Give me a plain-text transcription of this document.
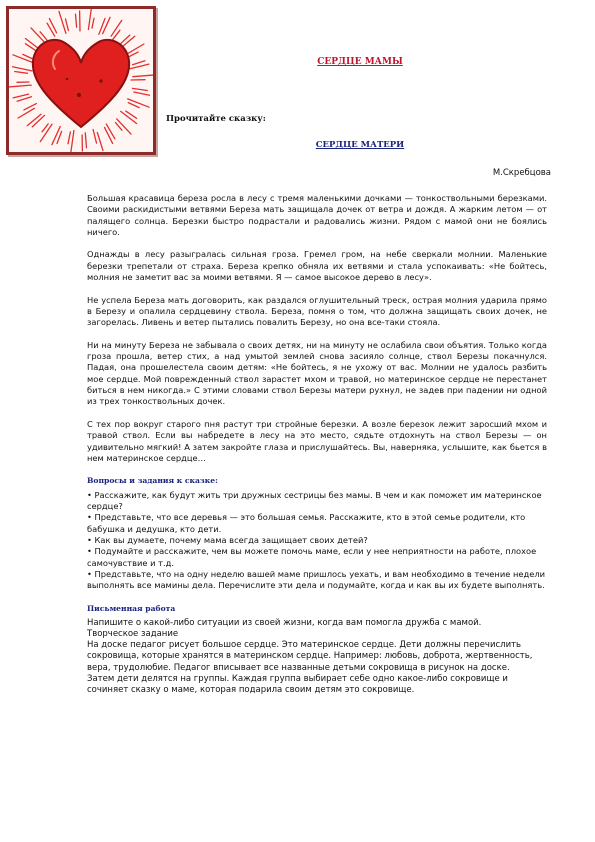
СЕРДЦЕ МАМЫ
Прочитайте сказку:
СЕРДЦЕ МАТЕРИ
М.Скребцова

Большая красавица береза росла в лесу с тремя маленькими дочками — тонкоствольными березками. Своими раскидистыми ветвями Береза мать защищала дочек от ветра и дождя. А жарким летом — от палящего солнца. Березки быстро подрастали и радовались жизни. Рядом с мамой они не боялись ничего.

Однажды в лесу разыгралась сильная гроза. Гремел гром, на небе сверкали молнии. Маленькие березки трепетали от страха. Береза крепко обняла их ветвями и стала успокаивать: «Не бойтесь, молния не заметит вас за моими ветвями. Я — самое высокое дерево в лесу».

Не успела Береза мать договорить, как раздался оглушительный треск, острая молния ударила прямо в Березу и опалила сердцевину ствола. Береза, помня о том, что должна защищать своих дочек, не загорелась. Ливень и ветер пытались повалить Березу, но она все-таки стояла.

Ни на минуту Береза не забывала о своих детях, ни на минуту не ослабила свои объятия. Только когда гроза прошла, ветер стих, а над умытой землей снова засияло солнце, ствол Березы покачнулся. Падая, она прошелестела своим детям: «Не бойтесь, я не ухожу от вас. Молнии не удалось разбить мое сердце. Мой поврежденный ствол зарастет мхом и травой, но материнское сердце не перестанет биться в нем никогда.» С этими словами ствол Березы матери рухнул, не задев при падении ни одной из трех тонкоствольных дочек.

С тех пор вокруг старого пня растут три стройные березки. А возле березок лежит заросший мхом и травой ствол. Если вы набредете в лесу на это место, сядьте отдохнуть на ствол Березы — он удивительно мягкий! А затем закройте глаза и прислушайтесь. Вы, наверняка, услышите, как бьется в нем материнское сердце…

Вопросы и задания к сказке:
• Расскажите, как будут жить три дружных сестрицы без мамы. В чем и как поможет им материнское сердце?
• Представьте, что все деревья — это большая семья. Расскажите, кто в этой семье родители, кто бабушка и дедушка, кто дети.
• Как вы думаете, почему мама всегда защищает своих детей?
• Подумайте и расскажите, чем вы можете помочь маме, если у нее неприятности на работе, плохое самочувствие и т.д.
• Представьте, что на одну неделю вашей маме пришлось уехать, и вам необходимо в течение недели выполнять все мамины дела. Перечислите эти дела и подумайте, когда и как вы их будете выполнять.
Письменная работа
Напишите о какой-либо ситуации из своей жизни, когда вам помогла дружба с мамой.
Творческое задание
На доске педагог рисует большое сердце. Это материнское сердце. Дети должны перечислить сокровища, которые хранятся в материнском сердце. Например: любовь, доброта, жертвенность, вера, трудолюбие. Педагог вписывает все названные детьми сокровища в рисунок на доске.
Затем дети делятся на группы. Каждая группа выбирает себе одно какое-либо сокровище и сочиняет сказку о маме, которая подарила своим детям это сокровище.
